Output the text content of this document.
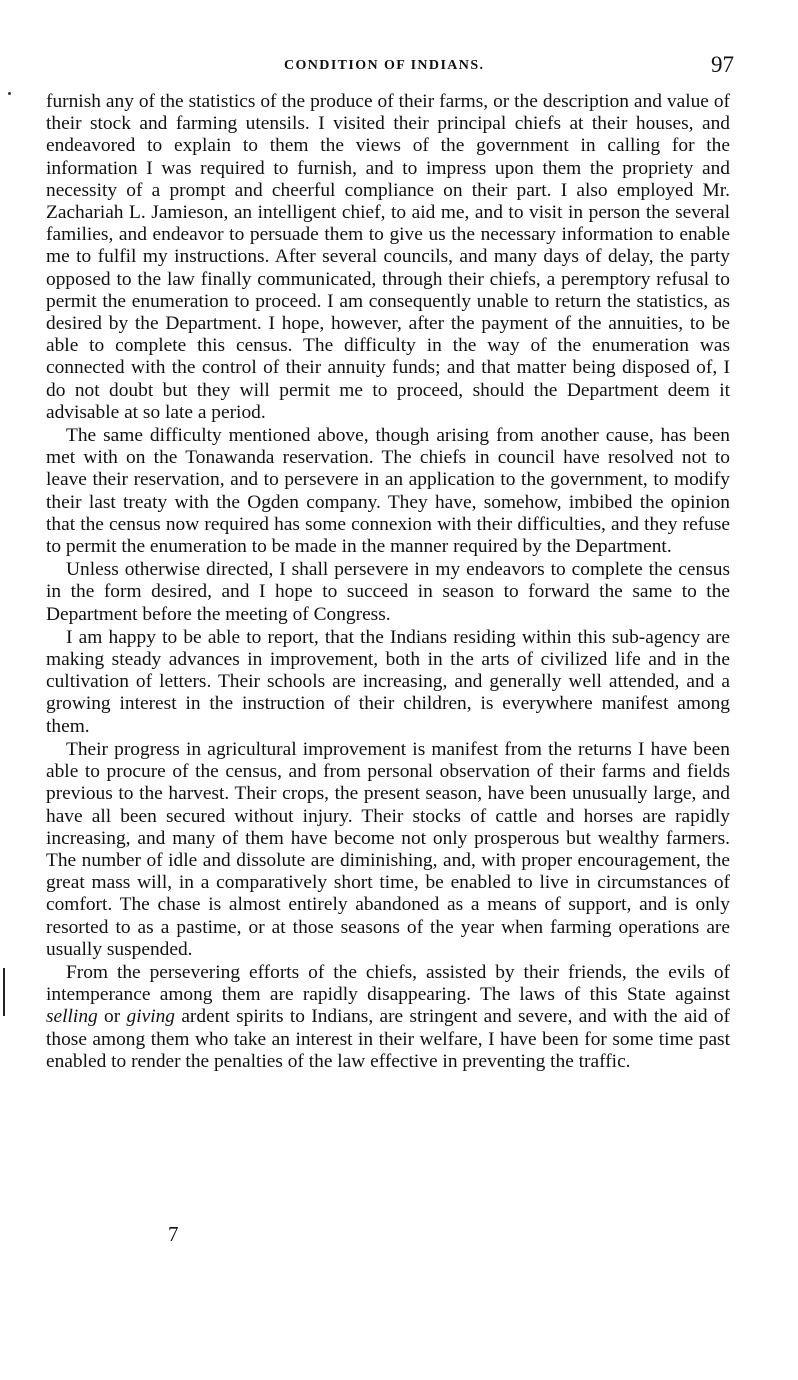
CONDITION OF INDIANS.	97

furnish any of the statistics of the produce of their farms, or the description and value of their stock and farming utensils. I visited their principal chiefs at their houses, and endeavored to explain to them the views of the government in calling for the information I was required to furnish, and to impress upon them the propriety and necessity of a prompt and cheerful compliance on their part. I also employed Mr. Zachariah L. Jamieson, an intelligent chief, to aid me, and to visit in person the several families, and endeavor to persuade them to give us the necessary information to enable me to fulfil my instructions. After several councils, and many days of delay, the party opposed to the law finally communicated, through their chiefs, a peremptory refusal to permit the enumeration to proceed. I am consequently unable to return the statistics, as desired by the Department. I hope, however, after the payment of the annuities, to be able to complete this census. The difficulty in the way of the enumeration was connected with the control of their annuity funds; and that matter being disposed of, I do not doubt but they will permit me to proceed, should the Department deem it advisable at so late a period.

The same difficulty mentioned above, though arising from another cause, has been met with on the Tonawanda reservation. The chiefs in council have resolved not to leave their reservation, and to persevere in an application to the government, to modify their last treaty with the Ogden company. They have, somehow, imbibed the opinion that the census now required has some connexion with their difficulties, and they refuse to permit the enumeration to be made in the manner required by the Department.

Unless otherwise directed, I shall persevere in my endeavors to complete the census in the form desired, and I hope to succeed in season to forward the same to the Department before the meeting of Congress.

I am happy to be able to report, that the Indians residing within this sub-agency are making steady advances in improvement, both in the arts of civilized life and in the cultivation of letters. Their schools are increasing, and generally well attended, and a growing interest in the instruction of their children, is everywhere manifest among them.

Their progress in agricultural improvement is manifest from the returns I have been able to procure of the census, and from personal observation of their farms and fields previous to the harvest. Their crops, the present season, have been unusually large, and have all been secured without injury. Their stocks of cattle and horses are rapidly increasing, and many of them have become not only prosperous but wealthy farmers. The number of idle and dissolute are diminishing, and, with proper encouragement, the great mass will, in a comparatively short time, be enabled to live in circumstances of comfort. The chase is almost entirely abandoned as a means of support, and is only resorted to as a pastime, or at those seasons of the year when farming operations are usually suspended.

From the persevering efforts of the chiefs, assisted by their friends, the evils of intemperance among them are rapidly disappearing. The laws of this State against selling or giving ardent spirits to Indians, are stringent and severe, and with the aid of those among them who take an interest in their welfare, I have been for some time past enabled to render the penalties of the law effective in preventing the traffic.

7
